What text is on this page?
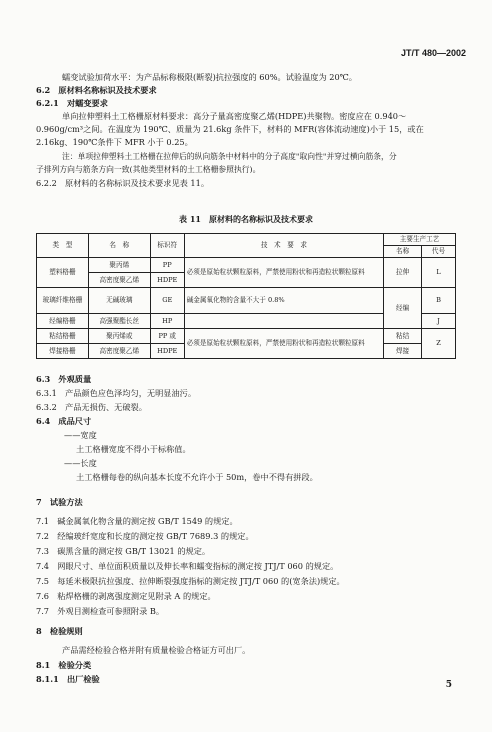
JT/T 480—2002
蠕变试验加荷水平：为产品标称极限(断裂)抗拉强度的 60%。试验温度为 20℃。
6.2　原材料名称标识及技术要求
6.2.1　对蠕变要求
单向拉伸塑料土工格栅原材料要求：高分子量高密度聚乙烯(HDPE)共聚物。密度应在 0.940～
0.960g/cm³之间。在温度为 190℃、质量为 21.6kg 条件下，材料的 MFR(容体流动速度)小于 15，或在
2.16kg、190℃条件下 MFR 小于 0.25。
注：单项拉伸塑料土工格栅在拉伸后的纵向筋条中材料中的分子高度"取向性"并穿过横向筋条，分
子排列方向与筋条方向一致(其他类型材料的土工格栅参照执行)。
6.2.2　原材料的名称标识及技术要求见表 11。
表 11　原材料的名称标识及技术要求
类　型	名　称	标识符	技　术　要　求	主要生产工艺	
				名称	代号
塑料格栅	聚丙烯	PP	必须是原始粒状颗粒原料，严禁使用粉状和再造粒状颗粒原料	拉伸	L
	高密度聚乙烯	HDPE			
玻璃纤维格栅	无碱玻璃	GE	碱金属氧化物的含量不大于 0.8%	经编	B
经编格栅	高强聚酯长丝	HP			J
粘结格栅	聚丙烯或	PP 或	必须是原始粒状颗粒原料，严禁使用粉状和再造粒状颗粒原料	粘结	Z
焊接格栅	高密度聚乙烯	HDPE		焊接	
6.3　外观质量
6.3.1　产品颜色应色泽均匀，无明显油污。
6.3.2　产品无损伤、无破裂。
6.4　成品尺寸
——宽度
土工格栅宽度不得小于标称值。
——长度
土工格栅每卷的纵向基本长度不允许小于 50m，卷中不得有拼段。
7　试验方法
7.1　碱金属氧化物含量的测定按 GB/T 1549 的规定。
7.2　经编玻纤宽度和长度的测定按 GB/T 7689.3 的规定。
7.3　碳黑含量的测定按 GB/T 13021 的规定。
7.4　网眼尺寸、单位面积质量以及伸长率和蠕变指标的测定按 JTJ/T 060 的规定。
7.5　每延米极限抗拉强度、拉伸断裂强度指标的测定按 JTJ/T 060 的(宽条法)规定。
7.6　粘焊格栅的剥离强度测定见附录 A 的规定。
7.7　外观目测检查可参照附录 B。
8　检验规则
产品需经检验合格并附有质量检验合格证方可出厂。
8.1　检验分类
8.1.1　出厂检验
5
